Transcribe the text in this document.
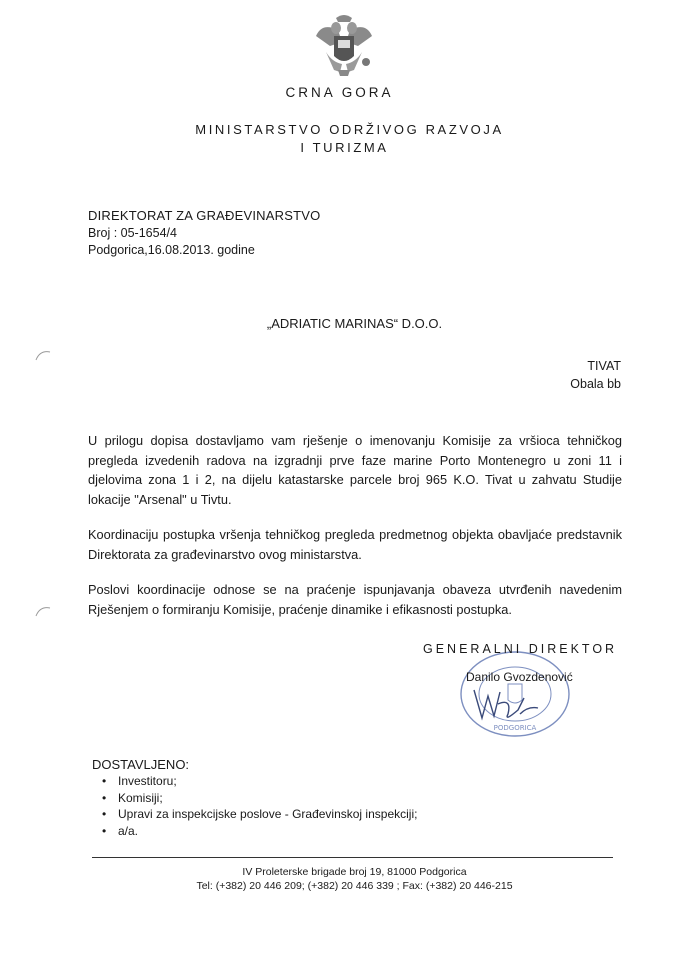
CRNA GORA
MINISTARSTVO ODRŽIVOG RAZVOJA
I TURIZMA
DIREKTORAT ZA GRAĐEVINARSTVO
Broj : 05-1654/4
Podgorica,16.08.2013. godine
„ADRIATIC MARINAS“ D.O.O.
TIVAT
Obala bb
U prilogu dopisa dostavljamo vam rješenje o imenovanju Komisije za vršioca tehničkog pregleda izvedenih radova na izgradnji prve faze marine Porto Montenegro u zoni 11 i djelovima zona 1 i 2, na dijelu katastarske parcele broj 965 K.O. Tivat u zahvatu Studije lokacije "Arsenal" u Tivtu.
Koordinaciju postupka vršenja tehničkog pregleda predmetnog objekta obavljaće predstavnik Direktorata za građevinarstvo ovog ministarstva.
Poslovi koordinacije odnose se na praćenje ispunjavanja obaveza utvrđenih navedenim Rješenjem o formiranju Komisije, praćenje dinamike i efikasnosti postupka.
PODGORICA
GENERALNI DIREKTOR
Danilo Gvozdenović
DOSTAVLJENO:
• Investitoru;
• Komisiji;
• Upravi za inspekcijske poslove - Građevinskoj inspekciji;
• a/a.
IV Proleterske brigade broj 19, 81000 Podgorica
Tel: (+382) 20 446 209; (+382) 20 446 339 ; Fax: (+382) 20 446-215
